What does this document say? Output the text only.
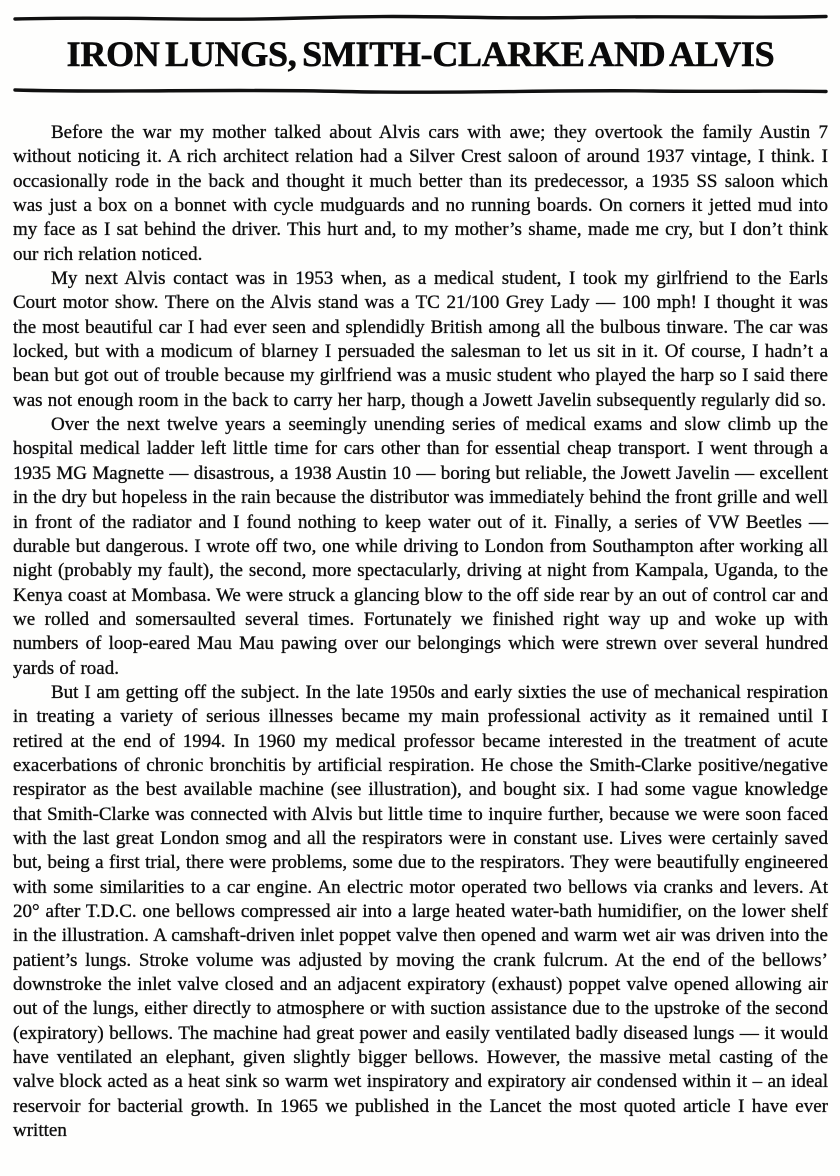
IRON LUNGS, SMITH-CLARKE AND ALVIS

Before the war my mother talked about Alvis cars with awe; they overtook the family Austin 7 without noticing it. A rich architect relation had a Silver Crest saloon of around 1937 vintage, I think. I occasionally rode in the back and thought it much better than its predecessor, a 1935 SS saloon which was just a box on a bonnet with cycle mudguards and no running boards. On corners it jetted mud into my face as I sat behind the driver. This hurt and, to my mother’s shame, made me cry, but I don’t think our rich relation noticed.

My next Alvis contact was in 1953 when, as a medical student, I took my girlfriend to the Earls Court motor show. There on the Alvis stand was a TC 21/100 Grey Lady — 100 mph! I thought it was the most beautiful car I had ever seen and splendidly British among all the bulbous tinware. The car was locked, but with a modicum of blarney I persuaded the salesman to let us sit in it. Of course, I hadn’t a bean but got out of trouble because my girlfriend was a music student who played the harp so I said there was not enough room in the back to carry her harp, though a Jowett Javelin subsequently regularly did so.

Over the next twelve years a seemingly unending series of medical exams and slow climb up the hospital medical ladder left little time for cars other than for essential cheap transport. I went through a 1935 MG Magnette — disastrous, a 1938 Austin 10 — boring but reliable, the Jowett Javelin — excellent in the dry but hopeless in the rain because the distributor was immediately behind the front grille and well in front of the radiator and I found nothing to keep water out of it. Finally, a series of VW Beetles — durable but dangerous. I wrote off two, one while driving to London from Southampton after working all night (probably my fault), the second, more spectacularly, driving at night from Kampala, Uganda, to the Kenya coast at Mombasa. We were struck a glancing blow to the off side rear by an out of control car and we rolled and somersaulted several times. Fortunately we finished right way up and woke up with numbers of loop-eared Mau Mau pawing over our belongings which were strewn over several hundred yards of road.

But I am getting off the subject. In the late 1950s and early sixties the use of mechanical respiration in treating a variety of serious illnesses became my main professional activity as it remained until I retired at the end of 1994. In 1960 my medical professor became interested in the treatment of acute exacerbations of chronic bronchitis by artificial respiration. He chose the Smith-Clarke positive/negative respirator as the best available machine (see illustration), and bought six. I had some vague knowledge that Smith-Clarke was connected with Alvis but little time to inquire further, because we were soon faced with the last great London smog and all the respirators were in constant use. Lives were certainly saved but, being a first trial, there were problems, some due to the respirators. They were beautifully engineered with some similarities to a car engine. An electric motor operated two bellows via cranks and levers. At 20° after T.D.C. one bellows compressed air into a large heated water-bath humidifier, on the lower shelf in the illustration. A camshaft-driven inlet poppet valve then opened and warm wet air was driven into the patient’s lungs. Stroke volume was adjusted by moving the crank fulcrum. At the end of the bellows’ downstroke the inlet valve closed and an adjacent expiratory (exhaust) poppet valve opened allowing air out of the lungs, either directly to atmosphere or with suction assistance due to the upstroke of the second (expiratory) bellows. The machine had great power and easily ventilated badly diseased lungs — it would have ventilated an elephant, given slightly bigger bellows. However, the massive metal casting of the valve block acted as a heat sink so warm wet inspiratory and expiratory air condensed within it – an ideal reservoir for bacterial growth. In 1965 we published in the Lancet the most quoted article I have ever written
